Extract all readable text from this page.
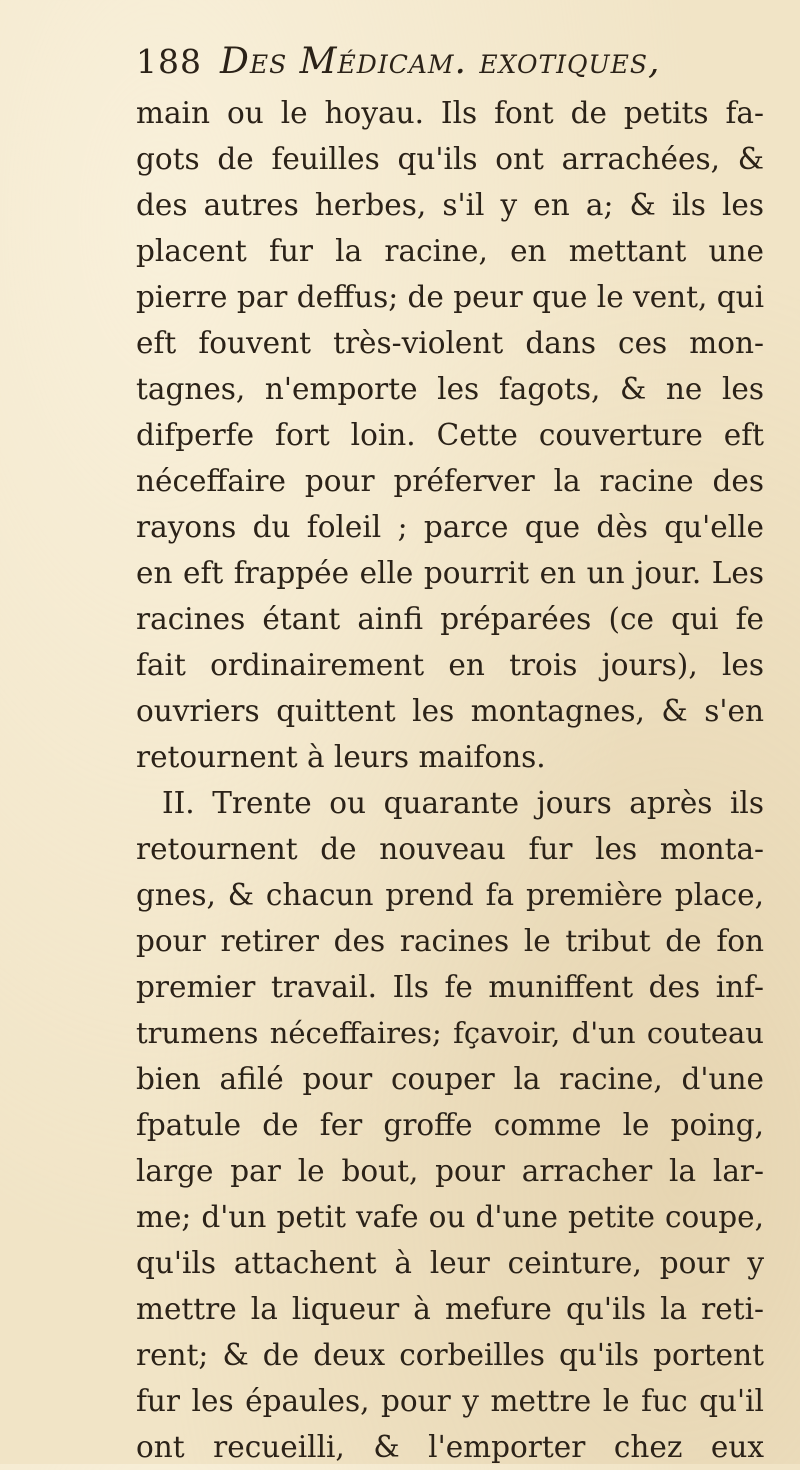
188 Des Médicam. exotiques,
main ou le hoyau. Ils font de petits fa-
gots de feuilles qu'ils ont arrachées, &
des autres herbes, s'il y en a; & ils les
placent fur la racine, en mettant une
pierre par deffus; de peur que le vent, qui
eft fouvent très-violent dans ces mon-
tagnes, n'emporte les fagots, & ne les
difperfe fort loin. Cette couverture eft
néceffaire pour préferver la racine des
rayons du foleil ; parce que dès qu'elle
en eft frappée elle pourrit en un jour. Les
racines étant ainfi préparées (ce qui fe
fait ordinairement en trois jours), les
ouvriers quittent les montagnes, & s'en
retournent à leurs maifons.
II. Trente ou quarante jours après ils
retournent de nouveau fur les monta-
gnes, & chacun prend fa première place,
pour retirer des racines le tribut de fon
premier travail. Ils fe muniffent des inf-
trumens néceffaires; fçavoir, d'un couteau
bien afilé pour couper la racine, d'une
fpatule de fer groffe comme le poing,
large par le bout, pour arracher la lar-
me; d'un petit vafe ou d'une petite coupe,
qu'ils attachent à leur ceinture, pour y
mettre la liqueur à mefure qu'ils la reti-
rent; & de deux corbeilles qu'ils portent
fur les épaules, pour y mettre le fuc qu'il
ont recueilli, & l'emporter chez eux
